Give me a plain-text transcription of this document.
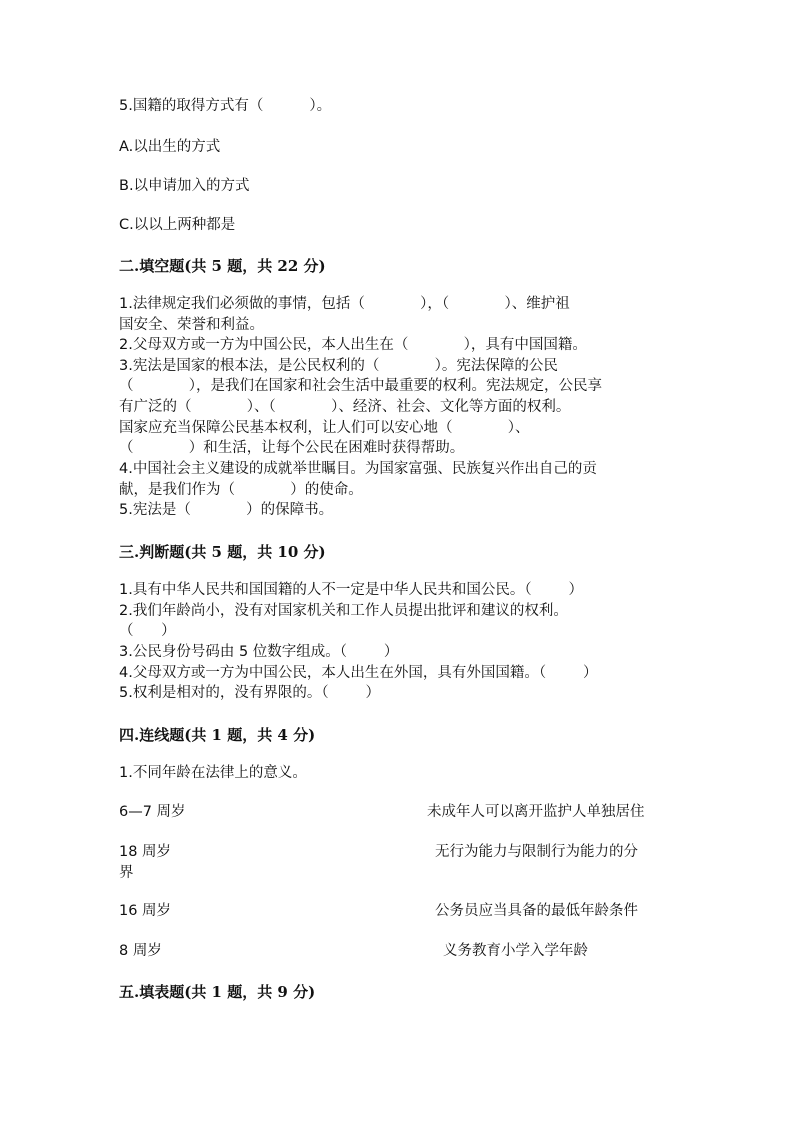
5.国籍的取得方式有（          ）。
A.以出生的方式
B.以申请加入的方式
C.以以上两种都是
二.填空题(共 5 题，共 22 分)
1.法律规定我们必须做的事情，包括（            ），（            ）、维护祖
国安全、荣誉和利益。
2.父母双方或一方为中国公民，本人出生在（            ），具有中国国籍。
3.宪法是国家的根本法，是公民权利的（            ）。宪法保障的公民
（            ），是我们在国家和社会生活中最重要的权利。宪法规定，公民享
有广泛的（            ）、（            ）、经济、社会、文化等方面的权利。
国家应充当保障公民基本权利，让人们可以安心地（            ）、
（            ）和生活，让每个公民在困难时获得帮助。
4.中国社会主义建设的成就举世瞩目。为国家富强、民族复兴作出自己的贡
献，是我们作为（            ）的使命。
5.宪法是（            ）的保障书。
三.判断题(共 5 题，共 10 分)
1.具有中华人民共和国国籍的人不一定是中华人民共和国公民。（        ）
2.我们年龄尚小，没有对国家机关和工作人员提出批评和建议的权利。
（      ）
3.公民身份号码由 5 位数字组成。（        ）
4.父母双方或一方为中国公民，本人出生在外国，具有外国国籍。（        ）
5.权利是相对的，没有界限的。（        ）
四.连线题(共 1 题，共 4 分)
1.不同年龄在法律上的意义。
6—7 周岁	未成年人可以离开监护人单独居住
18 周岁	无行为能力与限制行为能力的分
界
16 周岁	公务员应当具备的最低年龄条件
8 周岁	义务教育小学入学年龄
五.填表题(共 1 题，共 9 分)
